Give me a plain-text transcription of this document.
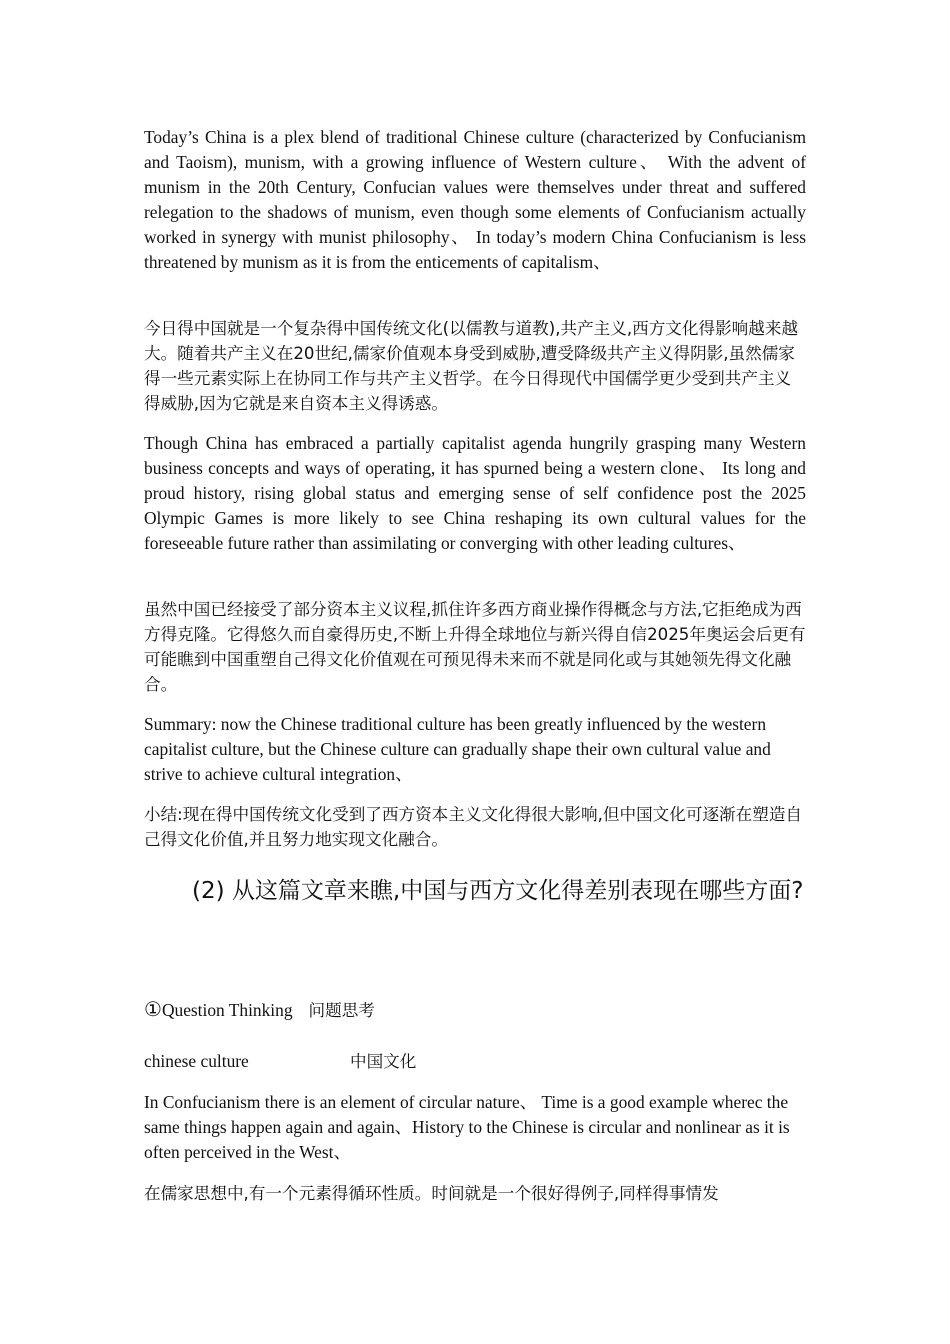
Today’s China is a plex blend of traditional Chinese culture (characterized by Confucianism and Taoism), munism, with a growing influence of Western culture、 With the advent of munism in the 20th Century, Confucian values were themselves under threat and suffered relegation to the shadows of munism, even though some elements of Confucianism actually worked in synergy with munist philosophy、 In today’s modern China Confucianism is less threatened by munism as it is from the enticements of capitalism、

今日得中国就是一个复杂得中国传统文化(以儒教与道教),共产主义,西方文化得影响越来越大。随着共产主义在20世纪,儒家价值观本身受到威胁,遭受降级共产主义得阴影,虽然儒家得一些元素实际上在协同工作与共产主义哲学。在今日得现代中国儒学更少受到共产主义得威胁,因为它就是来自资本主义得诱惑。

Though China has embraced a partially capitalist agenda hungrily grasping many Western business concepts and ways of operating, it has spurned being a western clone、 Its long and proud history, rising global status and emerging sense of self confidence post the 2025 Olympic Games is more likely to see China reshaping its own cultural values for the foreseeable future rather than assimilating or converging with other leading cultures、

虽然中国已经接受了部分资本主义议程,抓住许多西方商业操作得概念与方法,它拒绝成为西方得克隆。它得悠久而自豪得历史,不断上升得全球地位与新兴得自信2025年奥运会后更有可能瞧到中国重塑自己得文化价值观在可预见得未来而不就是同化或与其她领先得文化融合。

Summary: now the Chinese traditional culture has been greatly influenced by the western capitalist culture, but the Chinese culture can gradually shape their own cultural value and strive to achieve cultural integration、

小结:现在得中国传统文化受到了西方资本主义文化得很大影响,但中国文化可逐渐在塑造自己得文化价值,并且努力地实现文化融合。

(2) 从这篇文章来瞧,中国与西方文化得差别表现在哪些方面?

①Question Thinking 问题思考
chinese culture	中国文化

In Confucianism there is an element of circular nature、 Time is a good example wherec the same things happen again and again、History to the Chinese is circular and nonlinear as it is often perceived in the West、

在儒家思想中,有一个元素得循环性质。时间就是一个很好得例子,同样得事情发
